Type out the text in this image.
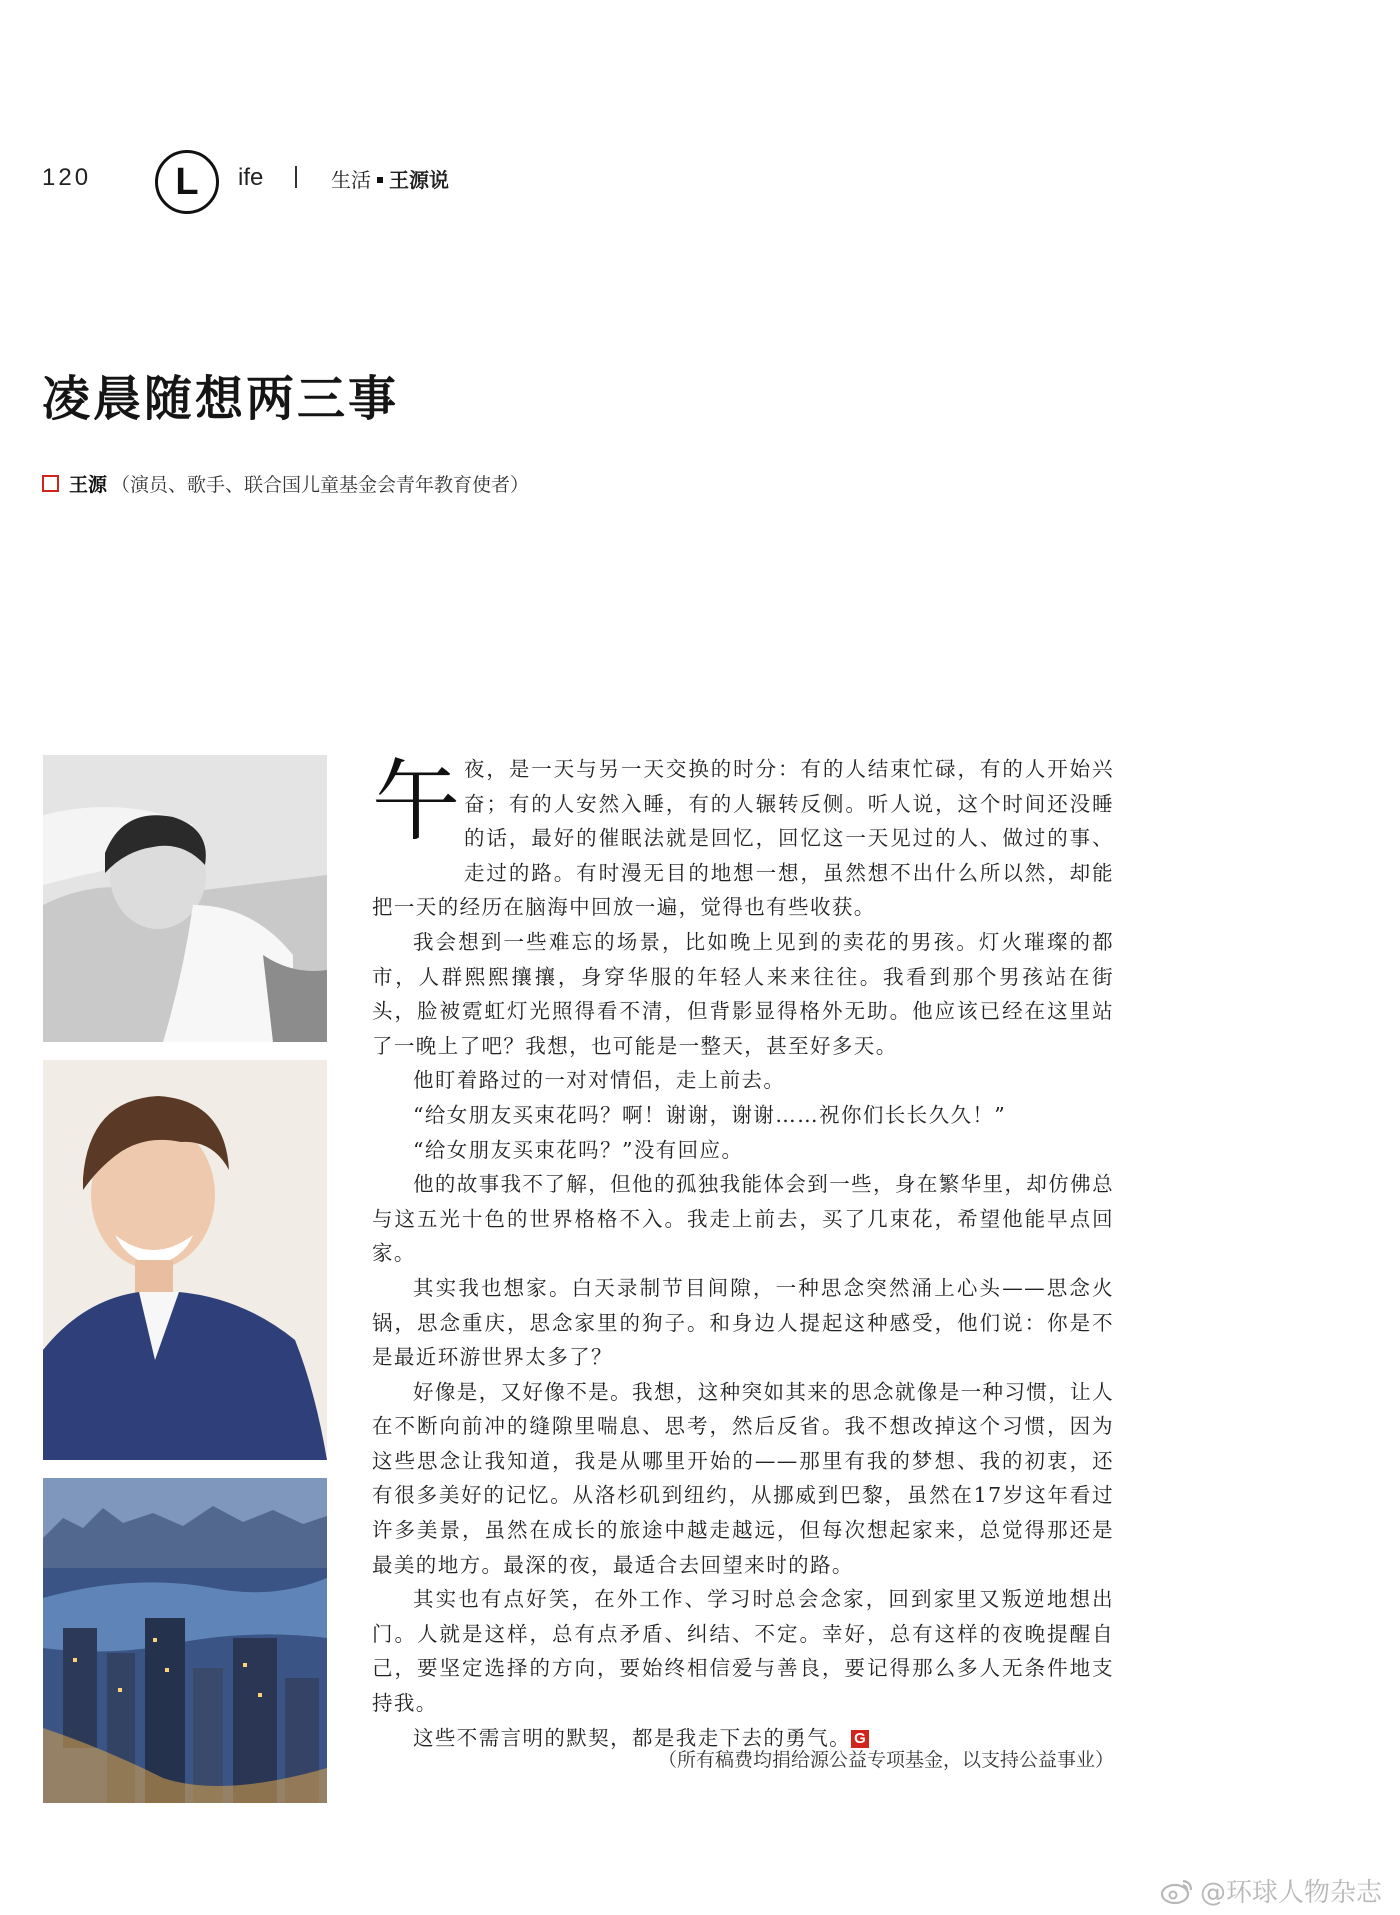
120 L ife	生活 王源说
凌晨随想两三事
王源 （演员、歌手、联合国儿童基金会青年教育使者）

午夜，是一天与另一天交换的时分：有的人结束忙碌，有的人开始兴奋；有的人安然入睡，有的人辗转反侧。听人说，这个时间还没睡的话，最好的催眠法就是回忆，回忆这一天见过的人、做过的事、走过的路。有时漫无目的地想一想，虽然想不出什么所以然，却能把一天的经历在脑海中回放一遍，觉得也有些收获。

我会想到一些难忘的场景，比如晚上见到的卖花的男孩。灯火璀璨的都市，人群熙熙攘攘，身穿华服的年轻人来来往往。我看到那个男孩站在街头，脸被霓虹灯光照得看不清，但背影显得格外无助。他应该已经在这里站了一晚上了吧？我想，也可能是一整天，甚至好多天。

他盯着路过的一对对情侣，走上前去。

“给女朋友买束花吗？啊！谢谢，谢谢……祝你们长长久久！”

“给女朋友买束花吗？”没有回应。

他的故事我不了解，但他的孤独我能体会到一些，身在繁华里，却仿佛总与这五光十色的世界格格不入。我走上前去，买了几束花，希望他能早点回家。

其实我也想家。白天录制节目间隙，一种思念突然涌上心头——思念火锅，思念重庆，思念家里的狗子。和身边人提起这种感受，他们说：你是不是最近环游世界太多了？

好像是，又好像不是。我想，这种突如其来的思念就像是一种习惯，让人在不断向前冲的缝隙里喘息、思考，然后反省。我不想改掉这个习惯，因为这些思念让我知道，我是从哪里开始的——那里有我的梦想、我的初衷，还有很多美好的记忆。从洛杉矶到纽约，从挪威到巴黎，虽然在17岁这年看过许多美景，虽然在成长的旅途中越走越远，但每次想起家来，总觉得那还是最美的地方。最深的夜，最适合去回望来时的路。

其实也有点好笑，在外工作、学习时总会念家，回到家里又叛逆地想出门。人就是这样，总有点矛盾、纠结、不定。幸好，总有这样的夜晚提醒自己，要坚定选择的方向，要始终相信爱与善良，要记得那么多人无条件地支持我。

这些不需言明的默契，都是我走下去的勇气。 G

（所有稿费均捐给源公益专项基金，以支持公益事业）
@环球人物杂志
